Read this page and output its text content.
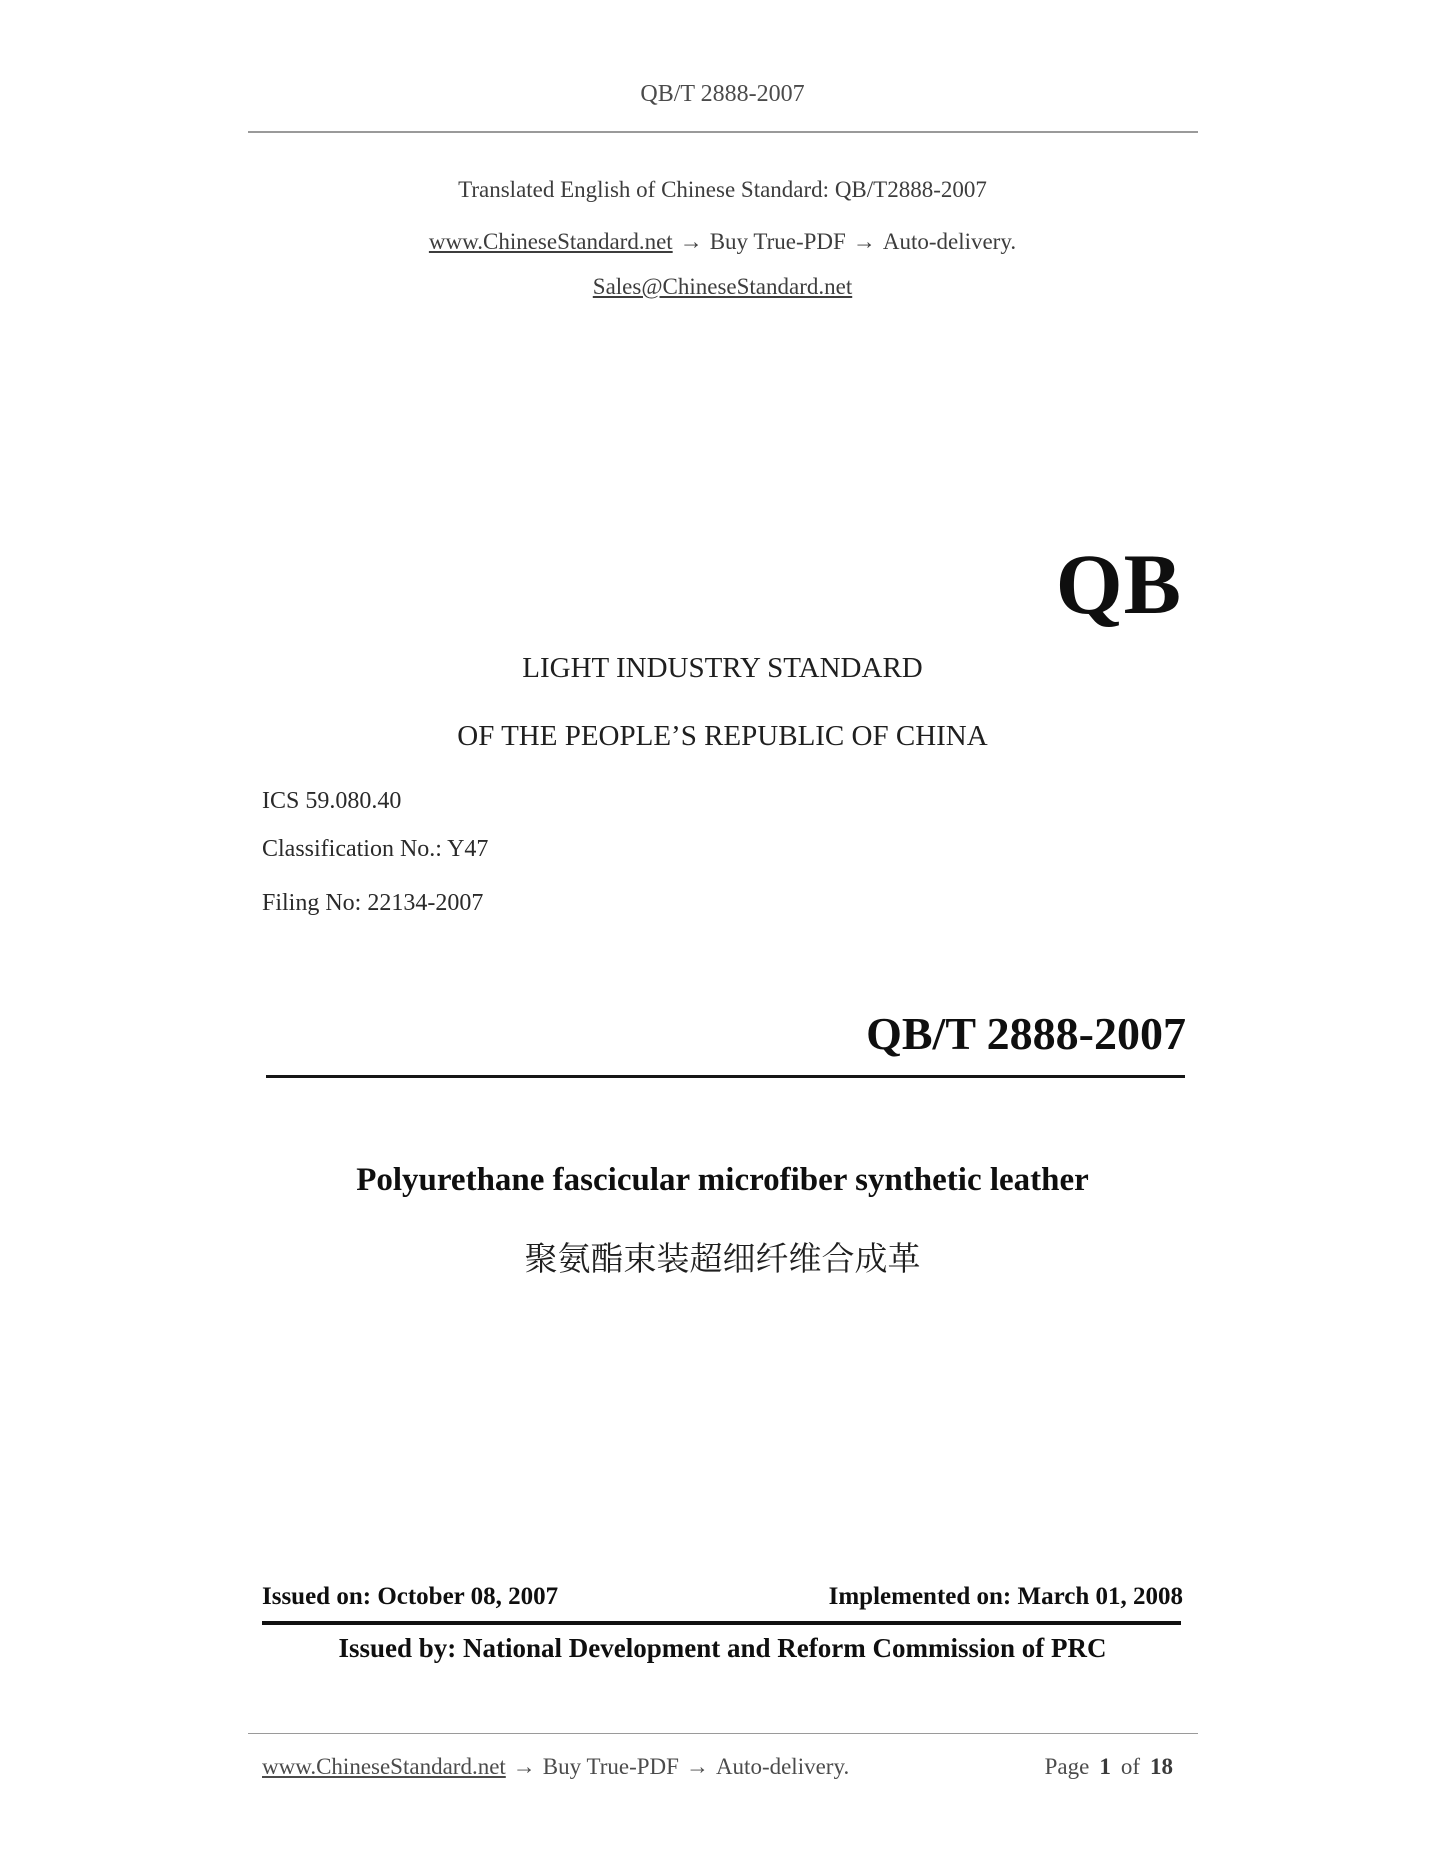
QB/T 2888-2007
Translated English of Chinese Standard: QB/T2888-2007
www.ChineseStandard.net → Buy True-PDF → Auto-delivery.
Sales@ChineseStandard.net
QB
LIGHT INDUSTRY STANDARD
OF THE PEOPLE’S REPUBLIC OF CHINA
ICS 59.080.40
Classification No.: Y47
Filing No: 22134-2007
QB/T 2888-2007
Polyurethane fascicular microfiber synthetic leather
聚氨酯束装超细纤维合成革
Issued on: October 08, 2007	Implemented on: March 01, 2008
Issued by: National Development and Reform Commission of PRC
www.ChineseStandard.net → Buy True-PDF → Auto-delivery.	Page 1 of 18
